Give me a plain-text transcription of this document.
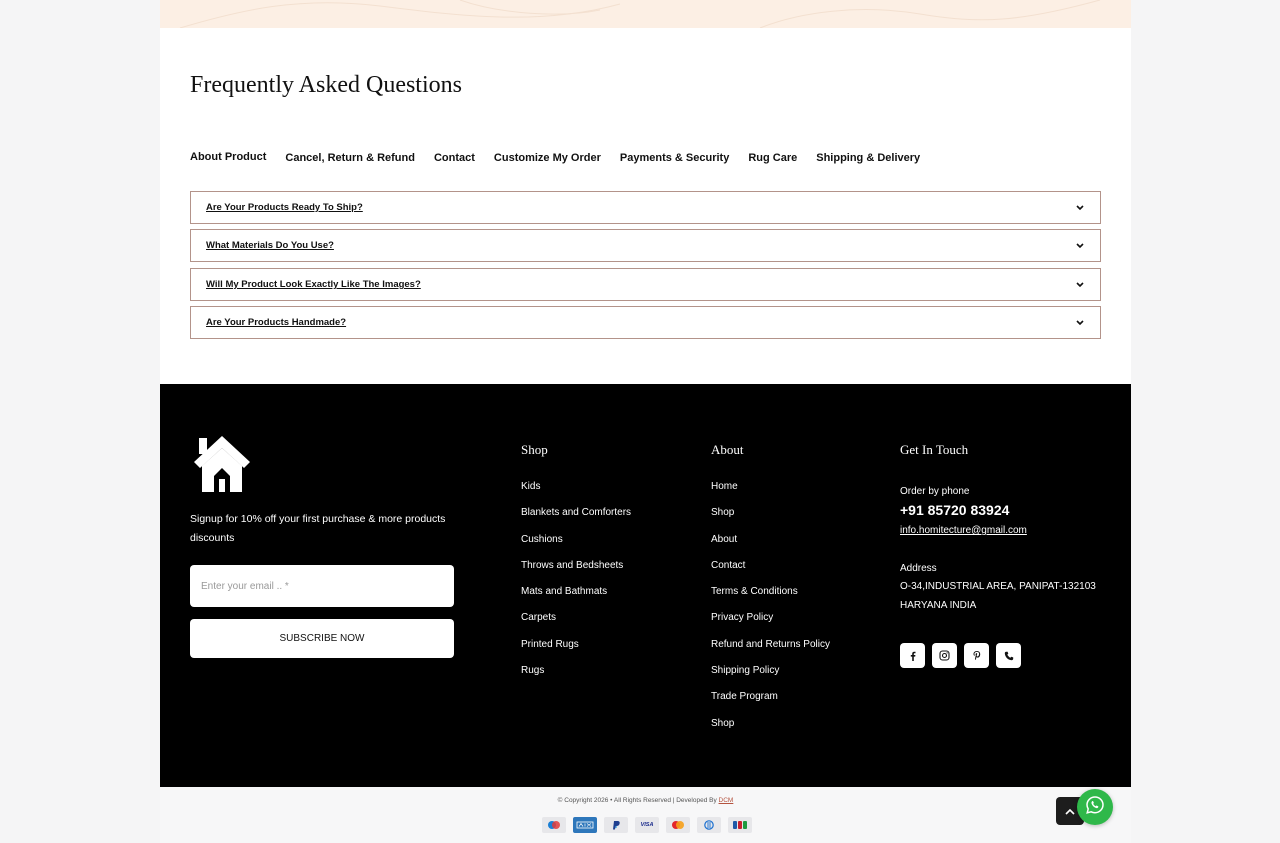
Frequently Asked Questions
About Product Cancel, Return & Refund Contact Customize My Order Payments & Security Rug Care Shipping & Delivery
Are Your Products Ready To Ship?
What Materials Do You Use?
Will My Product Look Exactly Like The Images?
Are Your Products Handmade?

Signup for 10% off your first purchase & more products discounts

Enter your email .. *
SUBSCRIBE NOW
Shop
Kids
Blankets and Comforters
Cushions
Throws and Bedsheets
Mats and Bathmats
Carpets
Printed Rugs
Rugs
About
Home
Shop
About
Contact
Terms & Conditions
Privacy Policy
Refund and Returns Policy
Shipping Policy
Trade Program
Shop
Get In Touch
Order by phone
+91 85720 83924
info.homitecture@gmail.com
Address
O-34,INDUSTRIAL AREA, PANIPAT-132103
HARYANA INDIA
© Copyright 2026 • All Rights Reserved | Developed By DCM
VISA
